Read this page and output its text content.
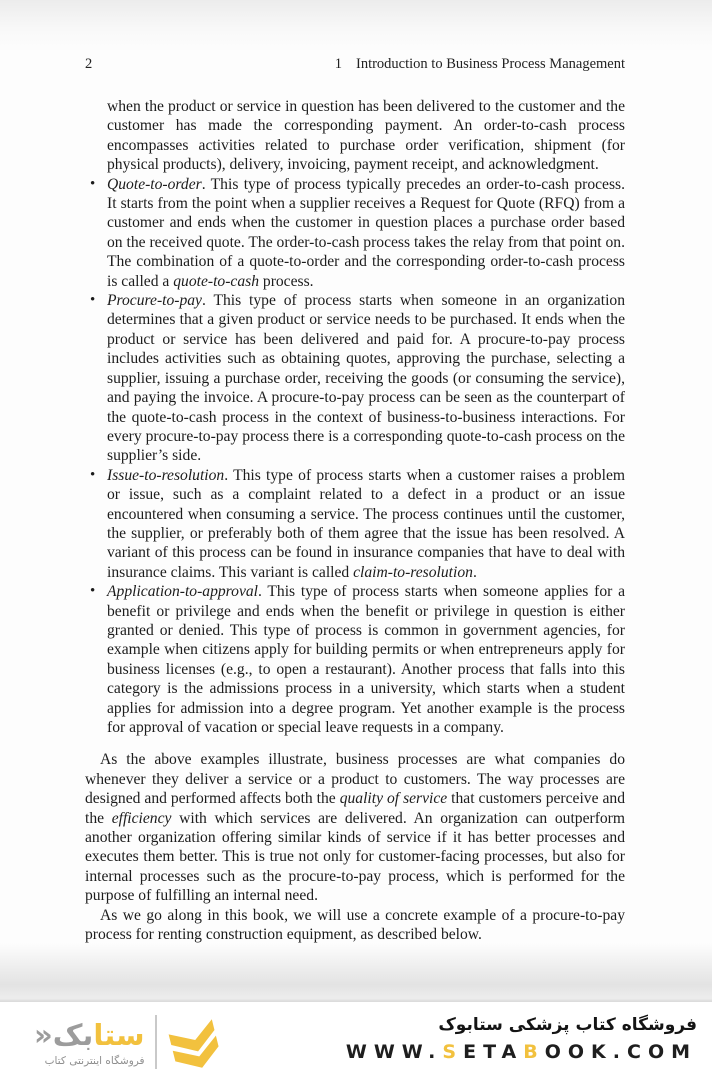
2	1 Introduction to Business Process Management

when the product or service in question has been delivered to the customer and the customer has made the corresponding payment. An order-to-cash process encompasses activities related to purchase order verification, shipment (for physical products), delivery, invoicing, payment receipt, and acknowledgment.

• Quote-to-order. This type of process typically precedes an order-to-cash process. It starts from the point when a supplier receives a Request for Quote (RFQ) from a customer and ends when the customer in question places a purchase order based on the received quote. The order-to-cash process takes the relay from that point on. The combination of a quote-to-order and the corresponding order-to-cash process is called a quote-to-cash process.
• Procure-to-pay. This type of process starts when someone in an organization determines that a given product or service needs to be purchased. It ends when the product or service has been delivered and paid for. A procure-to-pay process includes activities such as obtaining quotes, approving the purchase, selecting a supplier, issuing a purchase order, receiving the goods (or consuming the service), and paying the invoice. A procure-to-pay process can be seen as the counterpart of the quote-to-cash process in the context of business-to-business interactions. For every procure-to-pay process there is a corresponding quote-to-cash process on the supplier’s side.
• Issue-to-resolution. This type of process starts when a customer raises a problem or issue, such as a complaint related to a defect in a product or an issue encountered when consuming a service. The process continues until the customer, the supplier, or preferably both of them agree that the issue has been resolved. A variant of this process can be found in insurance companies that have to deal with insurance claims. This variant is called claim-to-resolution.
• Application-to-approval. This type of process starts when someone applies for a benefit or privilege and ends when the benefit or privilege in question is either granted or denied. This type of process is common in government agencies, for example when citizens apply for building permits or when entrepreneurs apply for business licenses (e.g., to open a restaurant). Another process that falls into this category is the admissions process in a university, which starts when a student applies for admission into a degree program. Yet another example is the process for approval of vacation or special leave requests in a company.

As the above examples illustrate, business processes are what companies do whenever they deliver a service or a product to customers. The way processes are designed and performed affects both the quality of service that customers perceive and the efficiency with which services are delivered. An organization can outperform another organization offering similar kinds of service if it has better processes and executes them better. This is true not only for customer-facing processes, but also for internal processes such as the procure-to-pay process, which is performed for the purpose of fulfilling an internal need.

As we go along in this book, we will use a concrete example of a procure-to-pay process for renting construction equipment, as described below.

ستابک«
فروشگاه اینترنتی کتاب
فروشگاه کتاب پزشکی ستابوک
WWW.SETABOOK.COM
